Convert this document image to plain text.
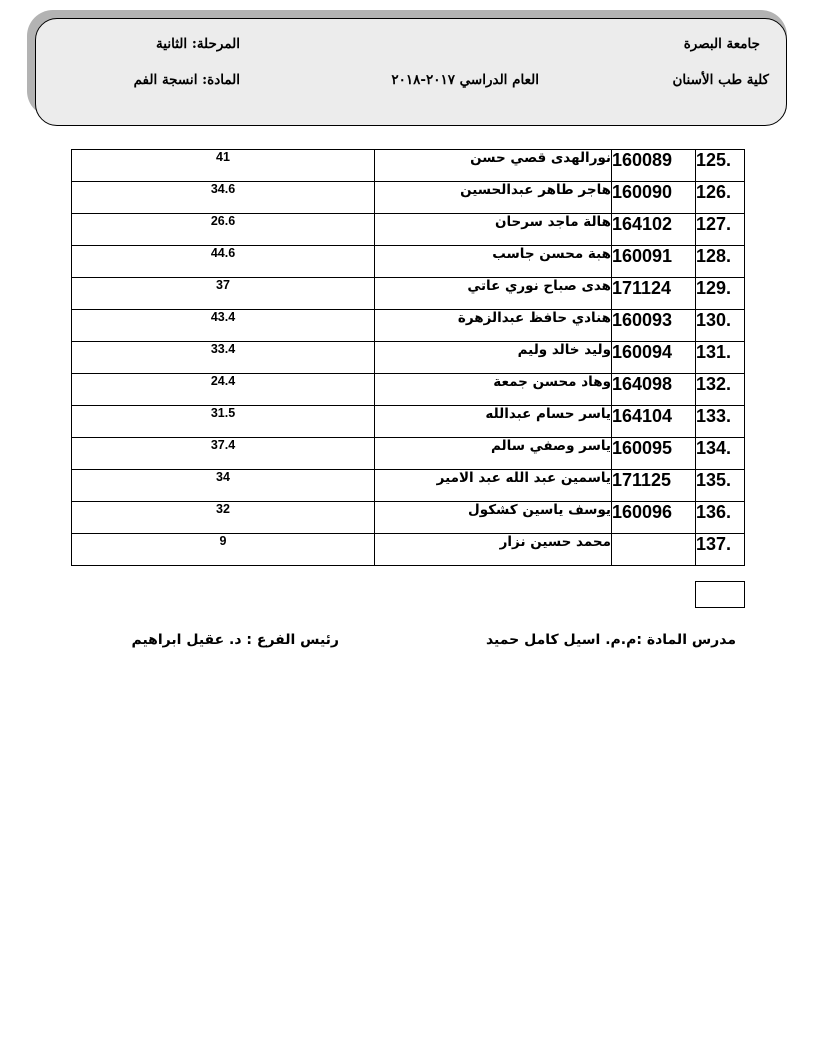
جامعة البصرة
كلية طب الأسنان
العام الدراسي ٢٠١٧-٢٠١٨
المرحلة: الثانية
المادة: انسجة الفم
41	نورالهدى قصي حسن	160089	125.
34.6	هاجر طاهر عبدالحسين	160090	126.
26.6	هالة ماجد سرحان	164102	127.
44.6	هبة محسن جاسب	160091	128.
37	هدى صباح نوري عاتي	171124	129.
43.4	هنادي حافظ عبدالزهرة	160093	130.
33.4	وليد خالد وليم	160094	131.
24.4	وهاد محسن جمعة	164098	132.
31.5	ياسر حسام عبدالله	164104	133.
37.4	ياسر وصفي سالم	160095	134.
34	ياسمين عبد الله عبد الامير	171125	135.
32	يوسف ياسين كشكول	160096	136.
9	محمد حسين نزار		137.
مدرس المادة :م.م. اسيل كامل حميد
رئيس الفرع : د. عقيل ابراهيم
